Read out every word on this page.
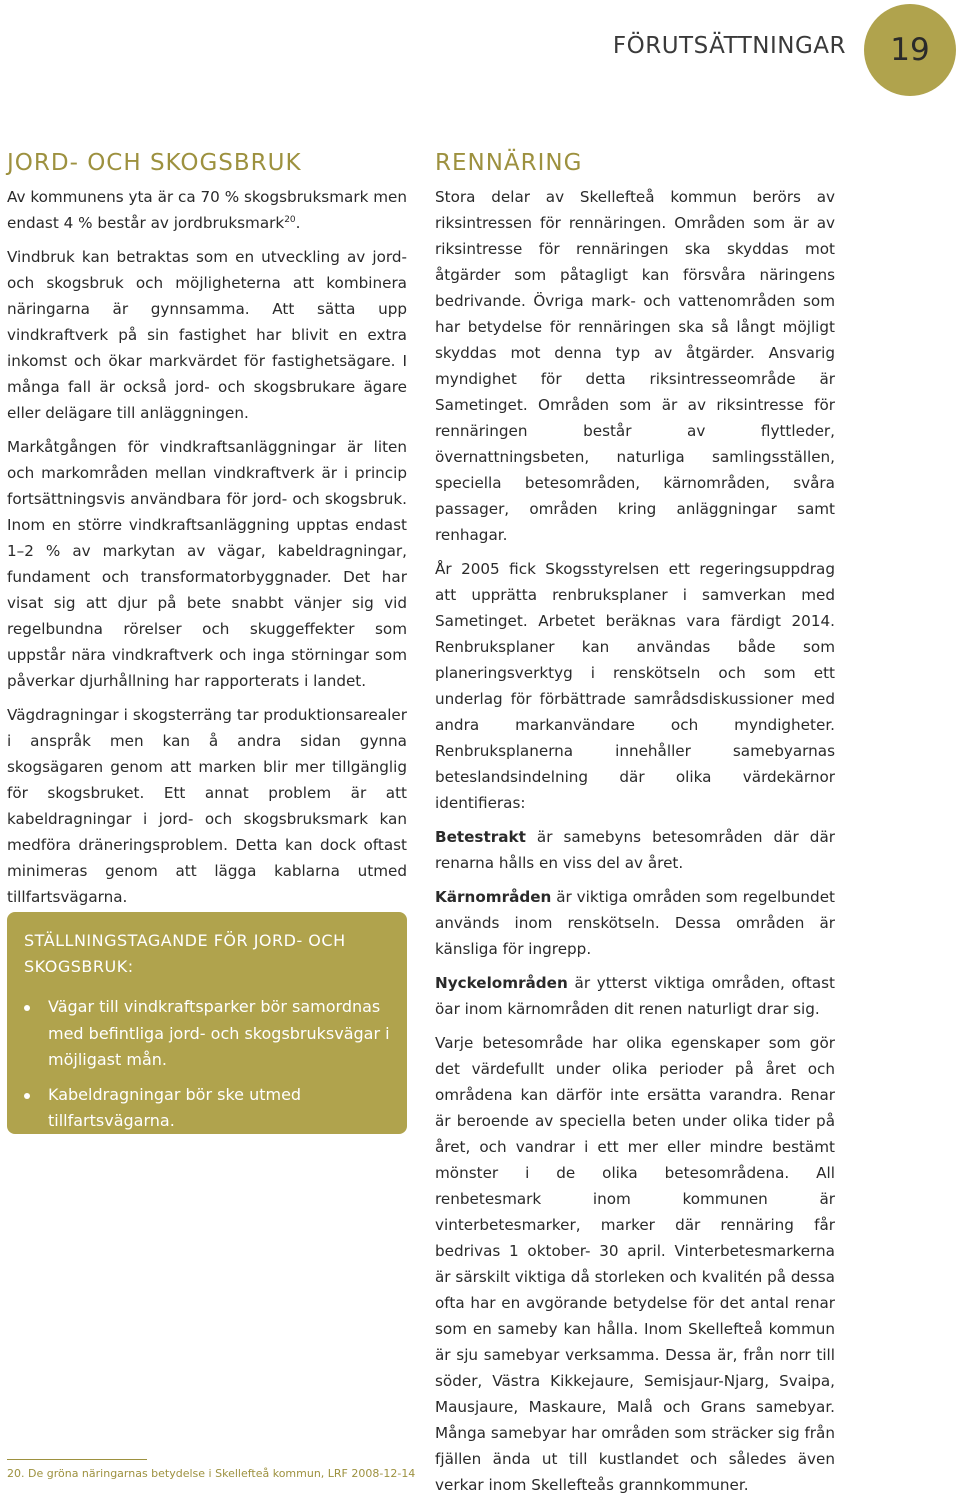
FÖRUTSÄTTNINGAR 19
JORD- OCH SKOGSBRUK

Av kommunens yta är ca 70 % skogsbruksmark men endast 4 % består av jordbruksmark$^{20}$.

Vindbruk kan betraktas som en utveckling av jord- och skogsbruk och möjligheterna att kombinera näringarna är gynnsamma. Att sätta upp vindkraftverk på sin fastighet har blivit en extra inkomst och ökar markvärdet för fastighetsägare. I många fall är också jord- och skogsbrukare ägare eller delägare till anläggningen.

Markåtgången för vindkraftsanläggningar är liten och markområden mellan vindkraftverk är i princip fortsättningsvis användbara för jord- och skogsbruk. Inom en större vindkraftsanläggning upptas endast 1–2 % av markytan av vägar, kabeldragningar, fundament och transformatorbyggnader. Det har visat sig att djur på bete snabbt vänjer sig vid regelbundna rörelser och skuggeffekter som uppstår nära vindkraftverk och inga störningar som påverkar djurhållning har rapporterats i landet.

Vägdragningar i skogsterräng tar produktionsarealer i anspråk men kan å andra sidan gynna skogsägaren genom att marken blir mer tillgänglig för skogsbruket. Ett annat problem är att kabeldragningar i jord- och skogsbruksmark kan medföra dräneringsproblem. Detta kan dock oftast minimeras genom att lägga kablarna utmed tillfartsvägarna.

STÄLLNINGSTAGANDE FÖR JORD- OCH SKOGSBRUK:
Vägar till vindkraftsparker bör samordnas med befintliga jord- och skogsbruksvägar i möjligast mån.
Kabeldragningar bör ske utmed tillfartsvägarna.
RENNÄRING

Stora delar av Skellefteå kommun berörs av riksintressen för rennäringen. Områden som är av riksintresse för rennäringen ska skyddas mot åtgärder som påtagligt kan försvåra näringens bedrivande. Övriga mark- och vattenområden som har betydelse för rennäringen ska så långt möjligt skyddas mot denna typ av åtgärder. Ansvarig myndighet för detta riksintresseområde är Sametinget. Områden som är av riksintresse för rennäringen består av flyttleder, övernattningsbeten, naturliga samlingsställen, speciella betesområden, kärnområden, svåra passager, områden kring anläggningar samt renhagar.

År 2005 fick Skogsstyrelsen ett regeringsuppdrag att upprätta renbruksplaner i samverkan med Sametinget. Arbetet beräknas vara färdigt 2014. Renbruksplaner kan användas både som planeringsverktyg i renskötseln och som ett underlag för förbättrade samrådsdiskussioner med andra markanvändare och myndigheter. Renbruksplanerna innehåller samebyarnas beteslandsindelning där olika värdekärnor identifieras:

Betestrakt är samebyns betesområden där där renarna hålls en viss del av året.

Kärnområden är viktiga områden som regelbundet används inom renskötseln. Dessa områden är känsliga för ingrepp.

Nyckelområden är ytterst viktiga områden, oftast öar inom kärnområden dit renen naturligt drar sig.

Varje betesområde har olika egenskaper som gör det värdefullt under olika perioder på året och områdena kan därför inte ersätta varandra. Renar är beroende av speciella beten under olika tider på året, och vandrar i ett mer eller mindre bestämt mönster i de olika betesområdena. All renbetesmark inom kommunen är vinterbetesmarker, marker där rennäring får bedrivas 1 oktober- 30 april. Vinterbetesmarkerna är särskilt viktiga då storleken och kvalitén på dessa ofta har en avgörande betydelse för det antal renar som en sameby kan hålla. Inom Skellefteå kommun är sju samebyar verksamma. Dessa är, från norr till söder, Västra Kikkejaure, Semisjaur-Njarg, Svaipa, Mausjaure, Maskaure, Malå och Grans samebyar. Många samebyar har områden som sträcker sig från fjällen ända ut till kustlandet och således även verkar inom Skellefteås grannkommuner.

20. De gröna näringarnas betydelse i Skellefteå kommun, LRF 2008-12-14
